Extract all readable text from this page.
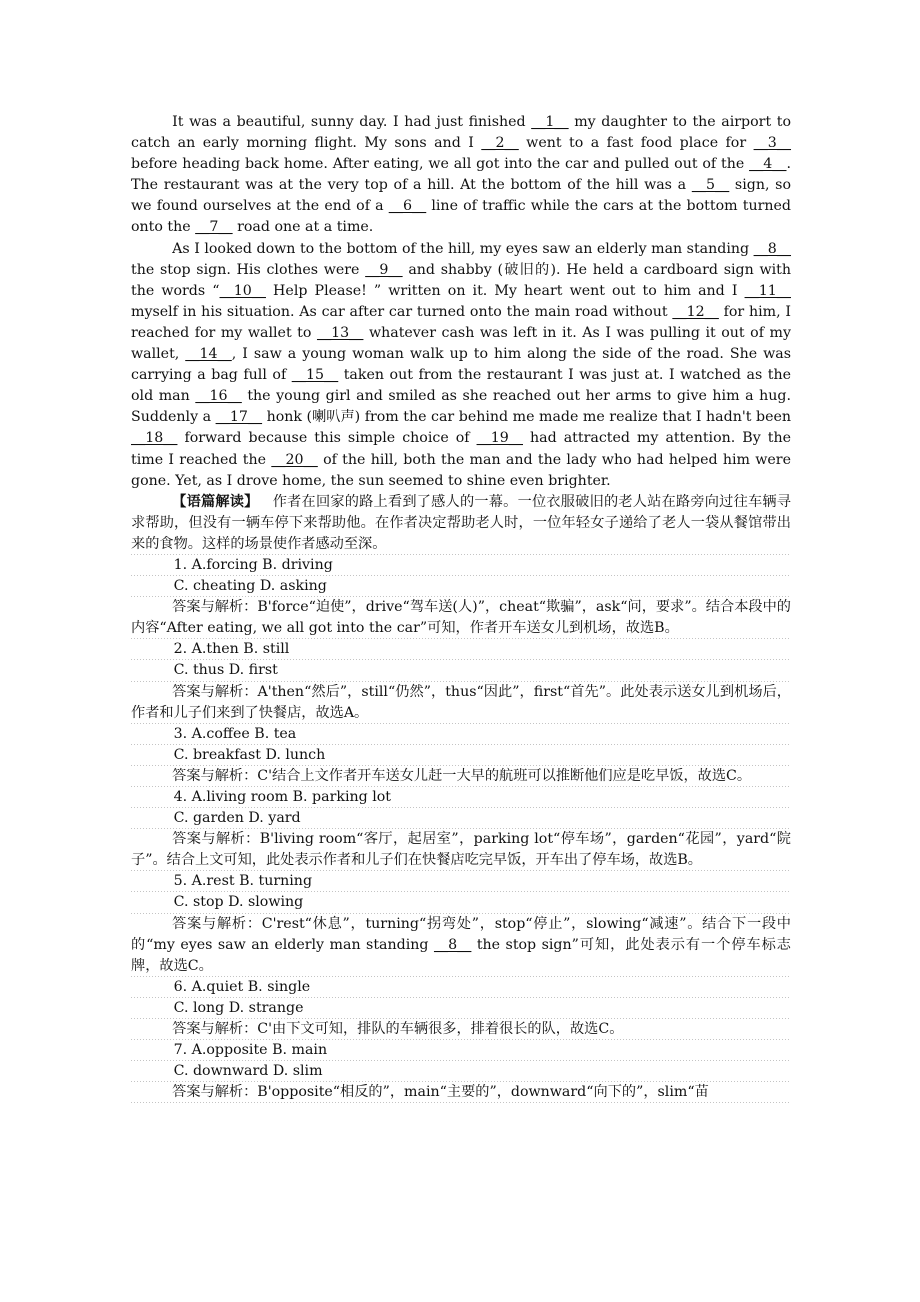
It was a beautiful, sunny day. I had just finished __1__ my daughter to the airport to catch an early morning flight. My sons and I __2__ went to a fast food place for __3__ before heading back home. After eating, we all got into the car and pulled out of the __4__. The restaurant was at the very top of a hill. At the bottom of the hill was a __5__ sign, so we found ourselves at the end of a __6__ line of traffic while the cars at the bottom turned onto the __7__ road one at a time.

As I looked down to the bottom of the hill, my eyes saw an elderly man standing __8__ the stop sign. His clothes were __9__ and shabby (破旧的). He held a cardboard sign with the words “__10__ Help Please! ” written on it. My heart went out to him and I __11__ myself in his situation. As car after car turned onto the main road without __12__ for him, I reached for my wallet to __13__ whatever cash was left in it. As I was pulling it out of my wallet, __14__, I saw a young woman walk up to him along the side of the road. She was carrying a bag full of __15__ taken out from the restaurant I was just at. I watched as the old man __16__ the young girl and smiled as she reached out her arms to give him a hug. Suddenly a __17__ honk (喇叭声) from the car behind me made me realize that I hadn't been __18__ forward because this simple choice of __19__ had attracted my attention. By the time I reached the __20__ of the hill, both the man and the lady who had helped him were gone. Yet, as I drove home, the sun seemed to shine even brighter.

【语篇解读】 作者在回家的路上看到了感人的一幕。一位衣服破旧的老人站在路旁向过往车辆寻求帮助，但没有一辆车停下来帮助他。在作者决定帮助老人时，一位年轻女子递给了老人一袋从餐馆带出来的食物。这样的场景使作者感动至深。

1. A.forcing B. driving
C. cheating D. asking

答案与解析：B'force“迫使”，drive“驾车送(人)”，cheat“欺骗”，ask“问，要求”。结合本段中的内容“After eating, we all got into the car”可知，作者开车送女儿到机场，故选B。

2. A.then B. still
C. thus D. first

答案与解析：A'then“然后”，still“仍然”，thus“因此”，first“首先”。此处表示送女儿到机场后，作者和儿子们来到了快餐店，故选A。

3. A.coffee B. tea
C. breakfast D. lunch

答案与解析：C'结合上文作者开车送女儿赶一大早的航班可以推断他们应是吃早饭，故选C。

4. A.living room B. parking lot
C. garden D. yard

答案与解析：B'living room“客厅，起居室”，parking lot“停车场”，garden“花园”，yard“院子”。结合上文可知，此处表示作者和儿子们在快餐店吃完早饭，开车出了停车场，故选B。

5. A.rest B. turning
C. stop D. slowing

答案与解析：C'rest“休息”，turning“拐弯处”，stop“停止”，slowing“减速”。结合下一段中的“my eyes saw an elderly man standing __8__ the stop sign”可知，此处表示有一个停车标志牌，故选C。

6. A.quiet B. single
C. long D. strange

答案与解析：C'由下文可知，排队的车辆很多，排着很长的队，故选C。

7. A.opposite B. main
C. downward D. slim

答案与解析：B'opposite“相反的”，main“主要的”，downward“向下的”，slim“苗
